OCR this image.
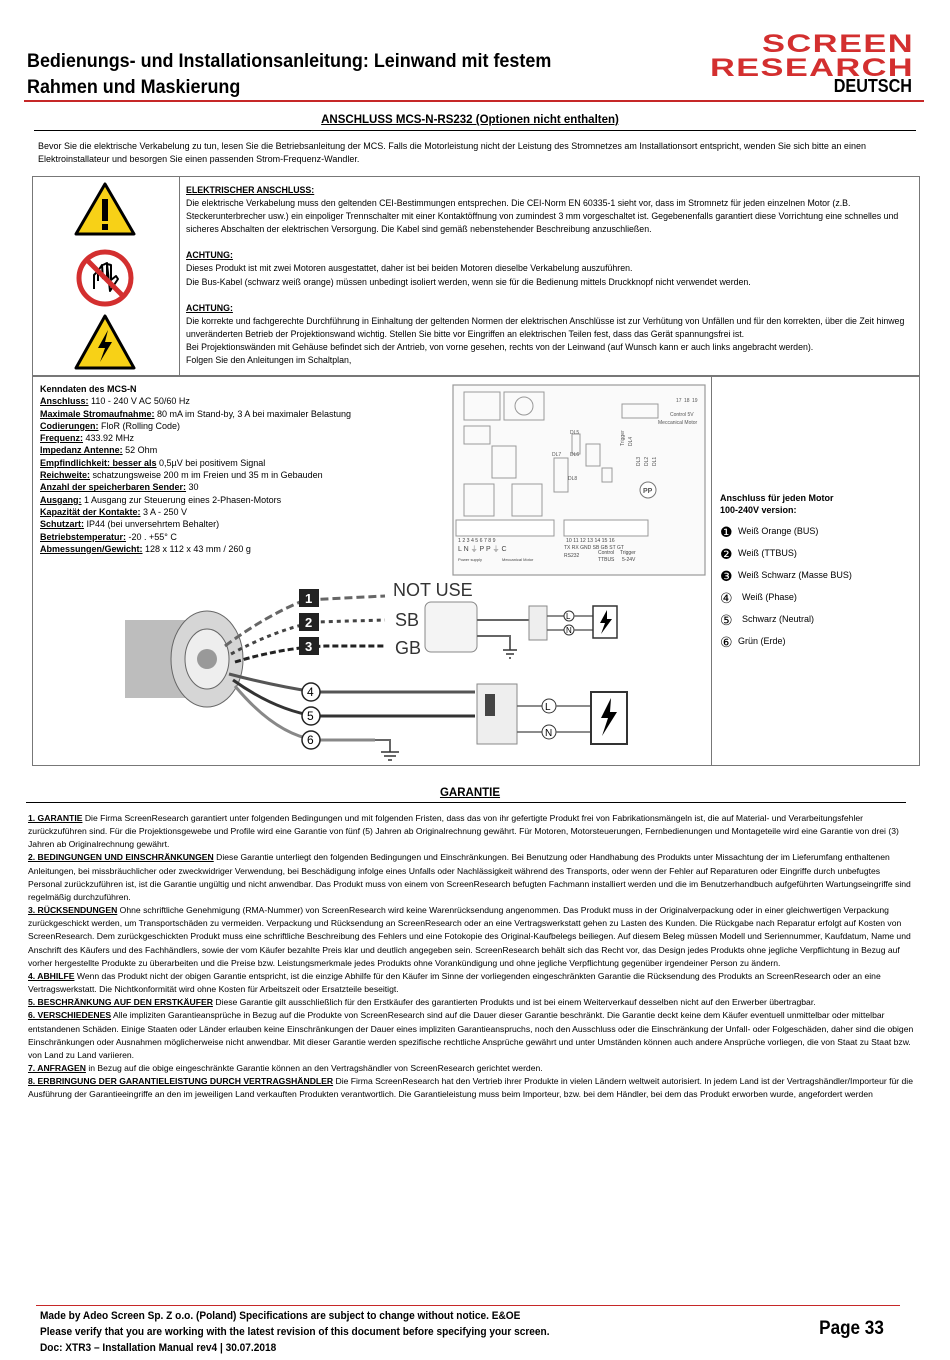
Bedienungs- und Installationsanleitung: Leinwand mit festem
Rahmen und Maskierung
SCREEN
RESEARCH
DEUTSCH
ANSCHLUSS MCS-N-RS232 (Optionen nicht enthalten)
Bevor Sie die elektrische Verkabelung zu tun, lesen Sie die Betriebsanleitung der MCS. Falls die Motorleistung nicht der Leistung des Stromnetzes am Installationsort entspricht, wenden Sie sich bitte an einen Elektroinstallateur und besorgen Sie einen passenden Strom-Frequenz-Wandler.

ELEKTRISCHER ANSCHLUSS:

Die elektrische Verkabelung muss den geltenden CEI-Bestimmungen entsprechen. Die CEI-Norm EN 60335-1 sieht vor, dass im Stromnetz für jeden einzelnen Motor (z.B. Steckerunterbrecher usw.) ein einpoliger Trennschalter mit einer Kontaktöffnung von zumindest 3 mm vorgeschaltet ist. Gegebenenfalls garantiert diese Vorrichtung eine schnelles und sicheres Abschalten der elektrischen Versorgung. Die Kabel sind gemäß nebenstehender Beschreibung anzuschließen.

ACHTUNG:

Dieses Produkt ist mit zwei Motoren ausgestattet, daher ist bei beiden Motoren dieselbe Verkabelung auszuführen.

Die Bus-Kabel (schwarz weiß orange) müssen unbedingt isoliert werden, wenn sie für die Bedienung mittels Druckknopf nicht verwendet werden.

ACHTUNG:

Die korrekte und fachgerechte Durchführung in Einhaltung der geltenden Normen der elektrischen Anschlüsse ist zur Verhütung von Unfällen und für den korrekten, über die Zeit hinweg unveränderten Betrieb der Projektionswand wichtig. Stellen Sie bitte vor Eingriffen an elektrischen Teilen fest, dass das Gerät spannungsfrei ist.

Bei Projektionswänden mit Gehäuse befindet sich der Antrieb, von vorne gesehen, rechts von der Leinwand (auf Wunsch kann er auch links angebracht werden).

Folgen Sie den Anleitungen im Schaltplan,

Kenndaten des MCS-N
Anschluss: 110 - 240 V AC 50/60 Hz
Maximale Stromaufnahme: 80 mA im Stand-by, 3 A bei maximaler Belastung
Codierungen: FloR (Rolling Code)
Frequenz: 433.92 MHz
Impedanz Antenne: 52 Ohm
Empfindlichkeit: besser als 0,5µV bei positivem Signal
Reichweite: schatzungsweise 200 m im Freien und 35 m in Gebauden
Anzahl der speicherbaren Sender: 30
Ausgang: 1 Ausgang zur Steuerung eines 2-Phasen-Motors
Kapazität der Kontakte: 3 A - 250 V
Schutzart: IP44 (bei unversehrtem Behalter)
Betriebstemperatur: -20 . +55° C
Abmessungen/Gewicht: 128 x 112 x 43 mm / 260 g
17 18 19
Control 5V
Meccanical Motor
DL5
DL6
DL7
DL8
Trigger DL4
DL3 DL2 DL1
PP
1 2 3 4 5 6 7 8 9	10 11 12 13 14 15 16
L N ⏚ P P ⏚ C	TX RX GND SB GB ST GT
Power supply	Meccanical Motor
RS232	Control Trigger
TTBUS 5-24V
1
2
3
4
5
6
NOT USE
SB
GB
L
N
L
N
Anschluss für jeden Motor
100-240V version:
❶ Weiß Orange (BUS)
❷ Weiß (TTBUS)
❸ Weiß Schwarz (Masse BUS)
④ Weiß (Phase)
⑤ Schwarz (Neutral)
⑥ Grün (Erde)
GARANTIE

1. GARANTIE Die Firma ScreenResearch garantiert unter folgenden Bedingungen und mit folgenden Fristen, dass das von ihr gefertigte Produkt frei von Fabrikationsmängeln ist, die auf Material- und Verarbeitungsfehler zurückzuführen sind. Für die Projektionsgewebe und Profile wird eine Garantie von fünf (5) Jahren ab Originalrechnung gewährt. Für Motoren, Motorsteuerungen, Fernbedienungen und Montageteile wird eine Garantie von drei (3) Jahren ab Originalrechnung gewährt.

2. BEDINGUNGEN UND EINSCHRÄNKUNGEN Diese Garantie unterliegt den folgenden Bedingungen und Einschränkungen. Bei Benutzung oder Handhabung des Produkts unter Missachtung der im Lieferumfang enthaltenen Anleitungen, bei missbräuchlicher oder zweckwidriger Verwendung, bei Beschädigung infolge eines Unfalls oder Nachlässigkeit während des Transports, oder wenn der Fehler auf Reparaturen oder Eingriffe durch unbefugtes Personal zurückzuführen ist, ist die Garantie ungültig und nicht anwendbar. Das Produkt muss von einem von ScreenResearch befugten Fachmann installiert werden und die im Benutzerhandbuch aufgeführten Wartungseingriffe sind regelmäßig durchzuführen.

3. RÜCKSENDUNGEN Ohne schriftliche Genehmigung (RMA-Nummer) von ScreenResearch wird keine Warenrücksendung angenommen. Das Produkt muss in der Originalverpackung oder in einer gleichwertigen Verpackung zurückgeschickt werden, um Transportschäden zu vermeiden. Verpackung und Rücksendung an ScreenResearch oder an eine Vertragswerkstatt gehen zu Lasten des Kunden. Die Rückgabe nach Reparatur erfolgt auf Kosten von ScreenResearch. Dem zurückgeschickten Produkt muss eine schriftliche Beschreibung des Fehlers und eine Fotokopie des Original-Kaufbelegs beiliegen. Auf diesem Beleg müssen Modell und Seriennummer, Kaufdatum, Name und Anschrift des Käufers und des Fachhändlers, sowie der vom Käufer bezahlte Preis klar und deutlich angegeben sein. ScreenResearch behält sich das Recht vor, das Design jedes Produkts ohne jegliche Verpflichtung in Bezug auf vorher hergestellte Produkte zu überarbeiten und die Preise bzw. Leistungsmerkmale jedes Produkts ohne Vorankündigung und ohne jegliche Verpflichtung gegenüber irgendeiner Person zu ändern.

4. ABHILFE Wenn das Produkt nicht der obigen Garantie entspricht, ist die einzige Abhilfe für den Käufer im Sinne der vorliegenden eingeschränkten Garantie die Rücksendung des Produkts an ScreenResearch oder an eine Vertragswerkstatt. Die Nichtkonformität wird ohne Kosten für Arbeitszeit oder Ersatzteile beseitigt.

5. BESCHRÄNKUNG AUF DEN ERSTKÄUFER Diese Garantie gilt ausschließlich für den Erstkäufer des garantierten Produkts und ist bei einem Weiterverkauf desselben nicht auf den Erwerber übertragbar.

6. VERSCHIEDENES Alle impliziten Garantieansprüche in Bezug auf die Produkte von ScreenResearch sind auf die Dauer dieser Garantie beschränkt. Die Garantie deckt keine dem Käufer eventuell unmittelbar oder mittelbar entstandenen Schäden. Einige Staaten oder Länder erlauben keine Einschränkungen der Dauer eines impliziten Garantieanspruchs, noch den Ausschluss oder die Einschränkung der Unfall- oder Folgeschäden, daher sind die obigen Einschränkungen oder Ausnahmen möglicherweise nicht anwendbar. Mit dieser Garantie werden spezifische rechtliche Ansprüche gewährt und unter Umständen können auch andere Ansprüche vorliegen, die von Staat zu Staat bzw. von Land zu Land variieren.

7. ANFRAGEN in Bezug auf die obige eingeschränkte Garantie können an den Vertragshändler von ScreenResearch gerichtet werden.

8. ERBRINGUNG DER GARANTIELEISTUNG DURCH VERTRAGSHÄNDLER Die Firma ScreenResearch hat den Vertrieb ihrer Produkte in vielen Ländern weltweit autorisiert. In jedem Land ist der Vertragshändler/Importeur für die Ausführung der Garantieeingriffe an den im jeweiligen Land verkauften Produkten verantwortlich. Die Garantieleistung muss beim Importeur, bzw. bei dem Händler, bei dem das Produkt erworben wurde, angefordert werden

Made by Adeo Screen Sp. Z o.o. (Poland) Specifications are subject to change without notice. E&OE
Please verify that you are working with the latest revision of this document before specifying your screen.
Doc: XTR3 – Installation Manual rev4 | 30.07.2018
Page 33
